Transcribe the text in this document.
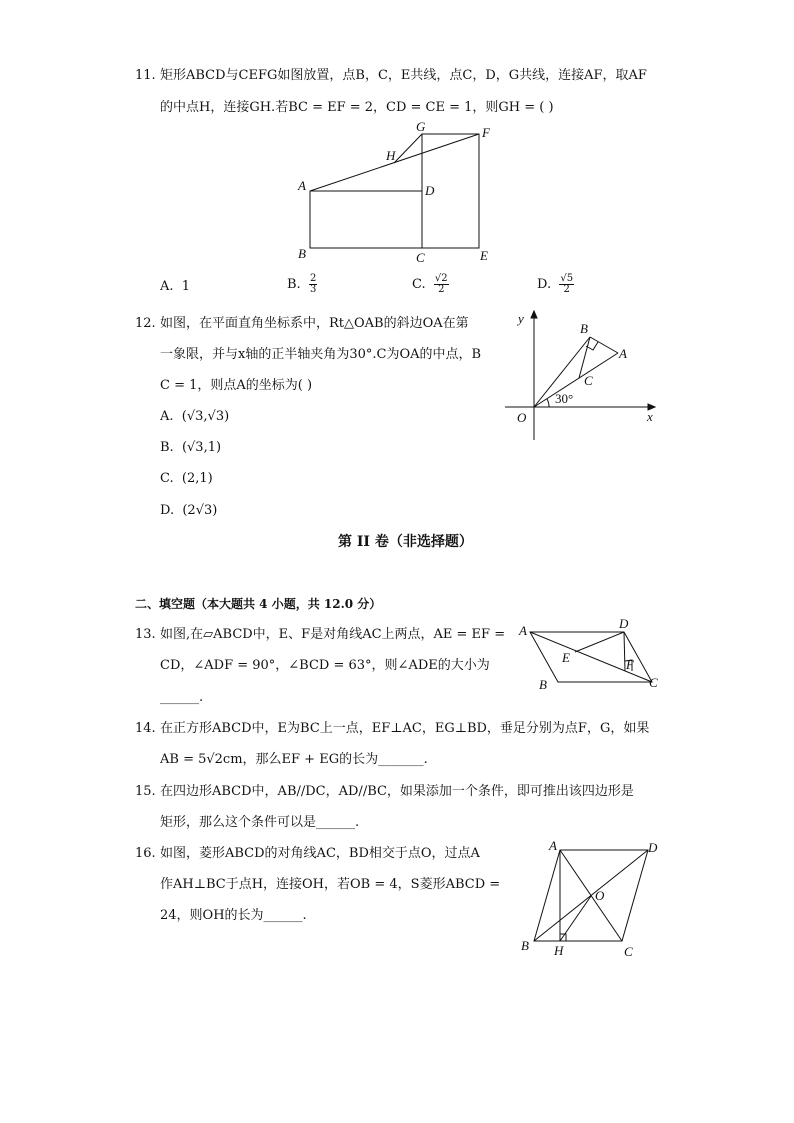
11. 矩形ABCD与CEFG如图放置，点B，C，E共线，点C，D，G共线，连接AF，取AF
的中点H，连接GH.若BC = EF = 2，CD = CE = 1，则GH = ( )
G	F
H
A	D
B	C	E
A. 1	B. $\frac{2}{3}$	C. $\frac{√2}{2}$	D. $\frac{√5}{2}$
12. 如图，在平面直角坐标系中，Rt△OAB的斜边OA在第
一象限，并与x轴的正半轴夹角为30°.C为OA的中点，B
C = 1，则点A的坐标为( )
A. (√3,√3)
B. (√3,1)
C. (2,1)
D. (2√3)
y
x
O
B
A
C
30°
第 II 卷（非选择题）
二、填空题（本大题共 4 小题，共 12.0 分）
13. 如图,在▱ABCD中，E、F是对角线AC上两点，AE = EF =
CD，∠ADF = 90°，∠BCD = 63°，则∠ADE的大小为
______.
A	D
E	F
B	C
14. 在正方形ABCD中，E为BC上一点，EF⊥AC，EG⊥BD，垂足分别为点F，G，如果
AB = 5√2cm，那么EF + EG的长为_______.
15. 在四边形ABCD中，AB//DC，AD//BC，如果添加一个条件，即可推出该四边形是
矩形，那么这个条件可以是______.
16. 如图，菱形ABCD的对角线AC，BD相交于点O，过点A
作AH⊥BC于点H，连接OH，若OB = 4，S菱形ABCD =
24，则OH的长为______.
A	D
O
B H	C
